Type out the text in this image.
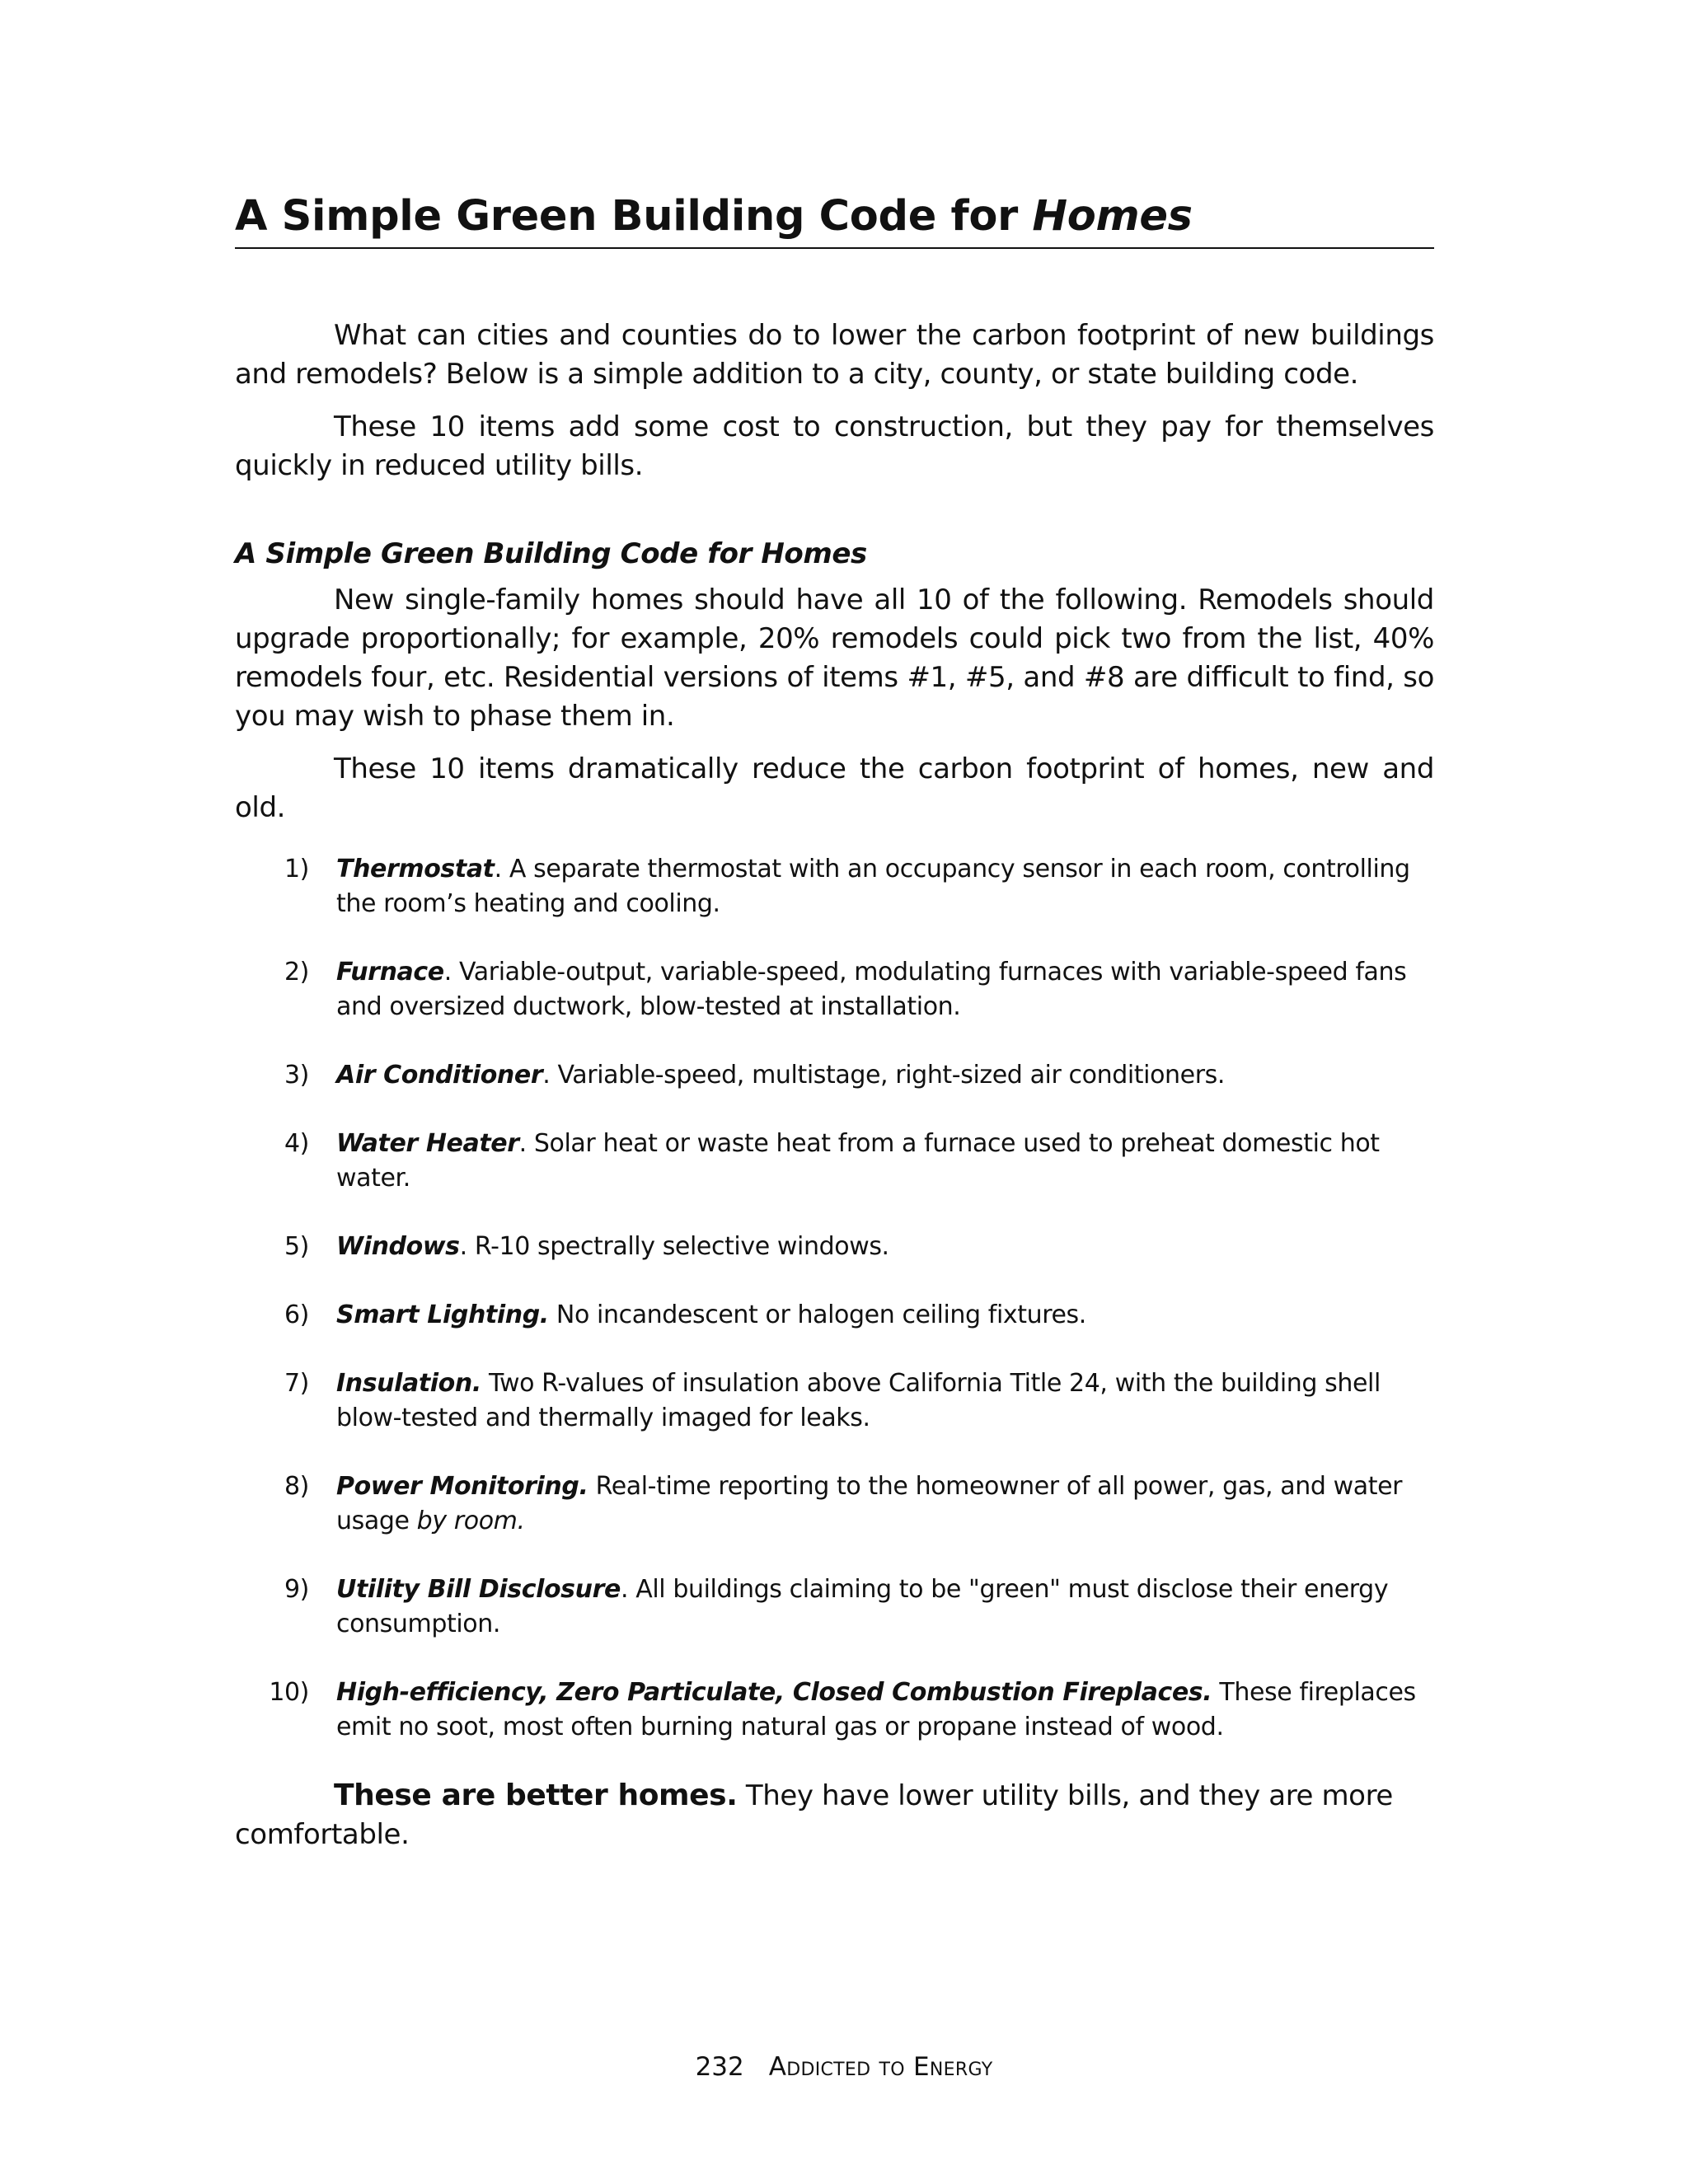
A Simple Green Building Code for Homes

What can cities and counties do to lower the carbon footprint of new buildings and remodels? Below is a simple addition to a city, county, or state building code.

These 10 items add some cost to construction, but they pay for themselves quickly in reduced utility bills.

A Simple Green Building Code for Homes

New single-family homes should have all 10 of the following. Remodels should upgrade proportionally; for example, 20% remodels could pick two from the list, 40% remodels four, etc. Residential versions of items #1, #5, and #8 are difficult to find, so you may wish to phase them in.

These 10 items dramatically reduce the carbon footprint of homes, new and old.

1) Thermostat. A separate thermostat with an occupancy sensor in each room, controlling the room’s heating and cooling.
2) Furnace. Variable-output, variable-speed, modulating furnaces with variable-speed fans and oversized ductwork, blow-tested at installation.
3) Air Conditioner. Variable-speed, multistage, right-sized air conditioners.
4) Water Heater. Solar heat or waste heat from a furnace used to preheat domestic hot water.
5) Windows. R-10 spectrally selective windows.
6) Smart Lighting. No incandescent or halogen ceiling fixtures.
7) Insulation. Two R-values of insulation above California Title 24, with the building shell blow-tested and thermally imaged for leaks.
8) Power Monitoring. Real-time reporting to the homeowner of all power, gas, and water usage by room.
9) Utility Bill Disclosure. All buildings claiming to be "green" must disclose their energy consumption.
10) High-efficiency, Zero Particulate, Closed Combustion Fireplaces. These fireplaces emit no soot, most often burning natural gas or propane instead of wood.

These are better homes. They have lower utility bills, and they are more comfortable.

232 Addicted to Energy
